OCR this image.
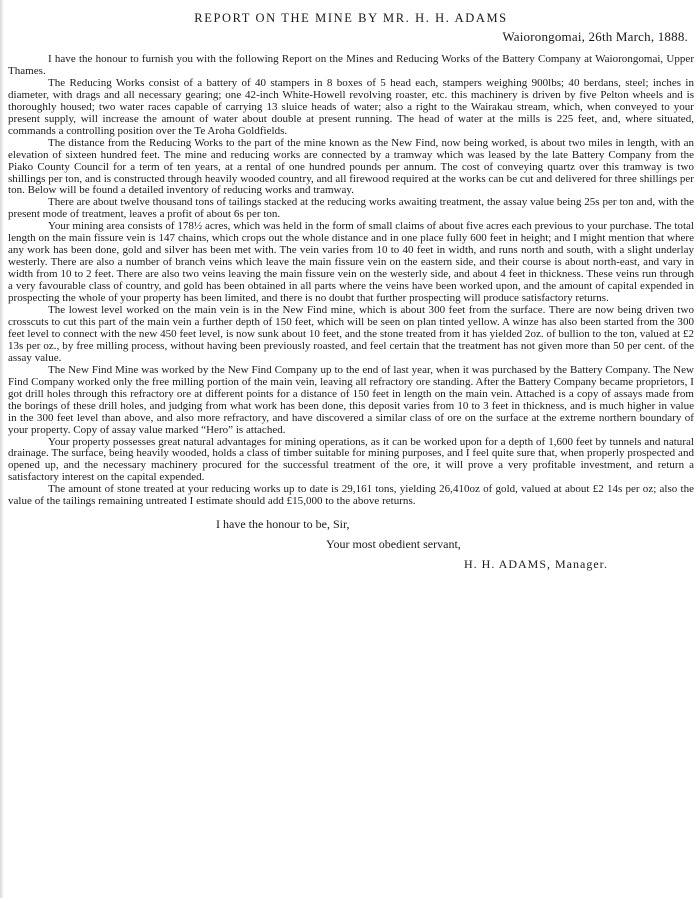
REPORT ON THE MINE BY MR. H. H. ADAMS
Waiorongomai, 26th March, 1888.

I have the honour to furnish you with the following Report on the Mines and Reducing Works of the Battery Company at Waiorongomai, Upper Thames.

The Reducing Works consist of a battery of 40 stampers in 8 boxes of 5 head each, stampers weighing 900lbs; 40 berdans, steel; inches in diameter, with drags and all necessary gearing; one 42-inch White-Howell revolving roaster, etc. this machinery is driven by five Pelton wheels and is thoroughly housed; two water races capable of carrying 13 sluice heads of water; also a right to the Wairakau stream, which, when conveyed to your present supply, will increase the amount of water about double at present running. The head of water at the mills is 225 feet, and, where situated, commands a controlling position over the Te Aroha Goldfields.

The distance from the Reducing Works to the part of the mine known as the New Find, now being worked, is about two miles in length, with an elevation of sixteen hundred feet. The mine and reducing works are connected by a tramway which was leased by the late Battery Company from the Piako County Council for a term of ten years, at a rental of one hundred pounds per annum. The cost of conveying quartz over this tramway is two shillings per ton, and is constructed through heavily wooded country, and all firewood required at the works can be cut and delivered for three shillings per ton. Below will be found a detailed inventory of reducing works and tramway.

There are about twelve thousand tons of tailings stacked at the reducing works awaiting treatment, the assay value being 25s per ton and, with the present mode of treatment, leaves a profit of about 6s per ton.

Your mining area consists of 178½ acres, which was held in the form of small claims of about five acres each previous to your purchase. The total length on the main fissure vein is 147 chains, which crops out the whole distance and in one place fully 600 feet in height; and I might mention that where any work has been done, gold and silver has been met with. The vein varies from 10 to 40 feet in width, and runs north and south, with a slight underlay westerly. There are also a number of branch veins which leave the main fissure vein on the eastern side, and their course is about north-east, and vary in width from 10 to 2 feet. There are also two veins leaving the main fissure vein on the westerly side, and about 4 feet in thickness. These veins run through a very favourable class of country, and gold has been obtained in all parts where the veins have been worked upon, and the amount of capital expended in prospecting the whole of your property has been limited, and there is no doubt that further prospecting will produce satisfactory returns.

The lowest level worked on the main vein is in the New Find mine, which is about 300 feet from the surface. There are now being driven two crosscuts to cut this part of the main vein a further depth of 150 feet, which will be seen on plan tinted yellow. A winze has also been started from the 300 feet level to connect with the new 450 feet level, is now sunk about 10 feet, and the stone treated from it has yielded 2oz. of bullion to the ton, valued at £2 13s per oz., by free milling process, without having been previously roasted, and feel certain that the treatment has not given more than 50 per cent. of the assay value.

The New Find Mine was worked by the New Find Company up to the end of last year, when it was purchased by the Battery Company. The New Find Company worked only the free milling portion of the main vein, leaving all refractory ore standing. After the Battery Company became proprietors, I got drill holes through this refractory ore at different points for a distance of 150 feet in length on the main vein. Attached is a copy of assays made from the borings of these drill holes, and judging from what work has been done, this deposit varies from 10 to 3 feet in thickness, and is much higher in value in the 300 feet level than above, and also more refractory, and have discovered a similar class of ore on the surface at the extreme northern boundary of your property. Copy of assay value marked “Hero” is attached.

Your property possesses great natural advantages for mining operations, as it can be worked upon for a depth of 1,600 feet by tunnels and natural drainage. The surface, being heavily wooded, holds a class of timber suitable for mining purposes, and I feel quite sure that, when properly prospected and opened up, and the necessary machinery procured for the successful treatment of the ore, it will prove a very profitable investment, and return a satisfactory interest on the capital expended.

The amount of stone treated at your reducing works up to date is 29,161 tons, yielding 26,410oz of gold, valued at about £2 14s per oz; also the value of the tailings remaining untreated I estimate should add £15,000 to the above returns.

I have the honour to be, Sir,
Your most obedient servant,
H. H. ADAMS, Manager.
